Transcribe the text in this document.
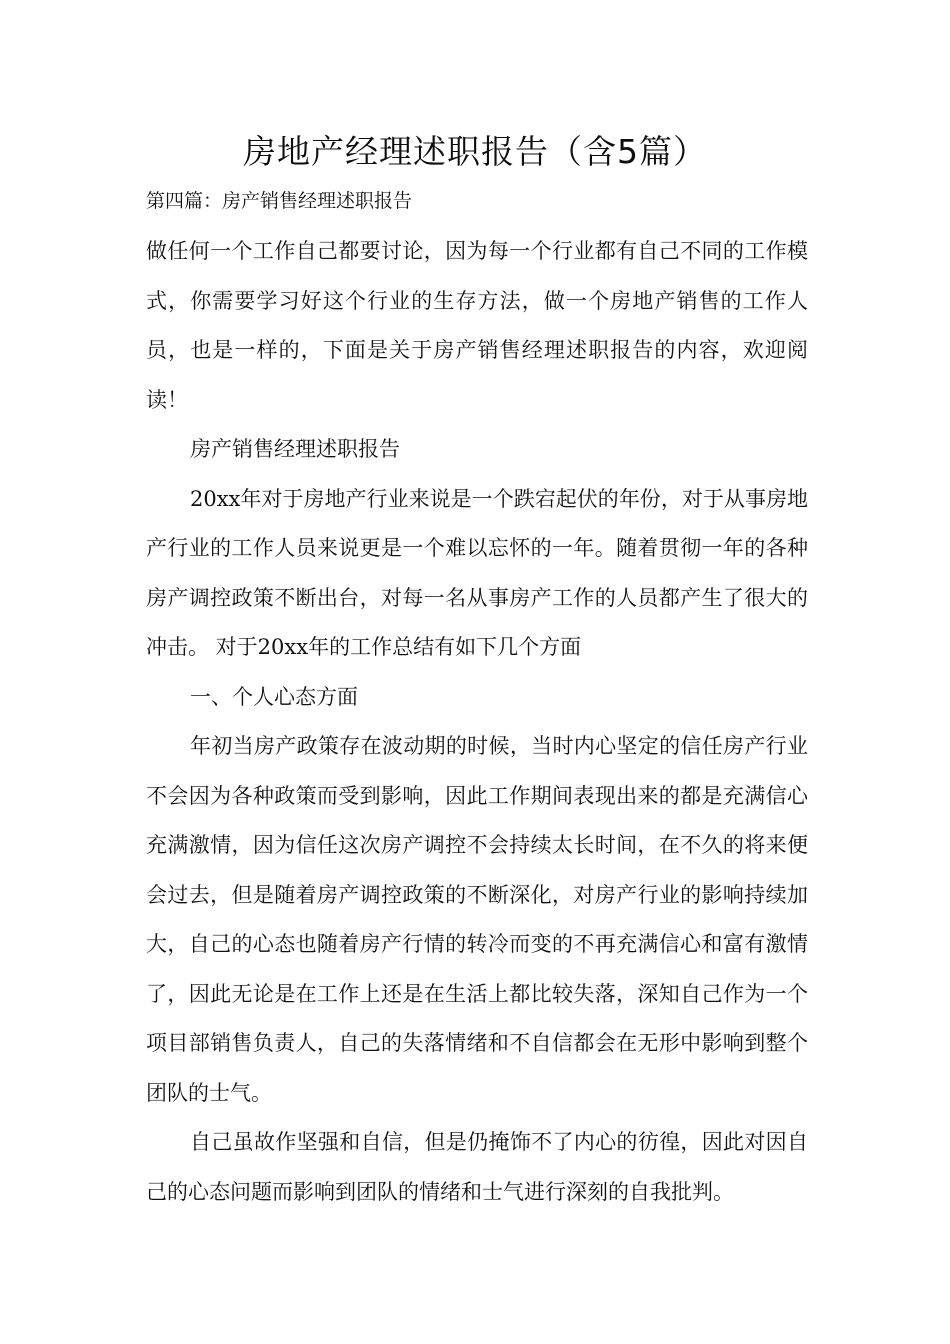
房地产经理述职报告（含5篇）

第四篇：房产销售经理述职报告

做任何一个工作自己都要讨论，因为每一个行业都有自己不同的工作模式，你需要学习好这个行业的生存方法，做一个房地产销售的工作人员，也是一样的，下面是关于房产销售经理述职报告的内容，欢迎阅读！

房产销售经理述职报告

20xx年对于房地产行业来说是一个跌宕起伏的年份，对于从事房地产行业的工作人员来说更是一个难以忘怀的一年。随着贯彻一年的各种房产调控政策不断出台，对每一名从事房产工作的人员都产生了很大的冲击。 对于20xx年的工作总结有如下几个方面

一、个人心态方面

年初当房产政策存在波动期的时候，当时内心坚定的信任房产行业不会因为各种政策而受到影响，因此工作期间表现出来的都是充满信心充满激情，因为信任这次房产调控不会持续太长时间，在不久的将来便会过去，但是随着房产调控政策的不断深化，对房产行业的影响持续加大，自己的心态也随着房产行情的转冷而变的不再充满信心和富有激情了，因此无论是在工作上还是在生活上都比较失落，深知自己作为一个项目部销售负责人，自己的失落情绪和不自信都会在无形中影响到整个团队的士气。

自己虽故作坚强和自信，但是仍掩饰不了内心的彷徨，因此对因自己的心态问题而影响到团队的情绪和士气进行深刻的自我批判。
